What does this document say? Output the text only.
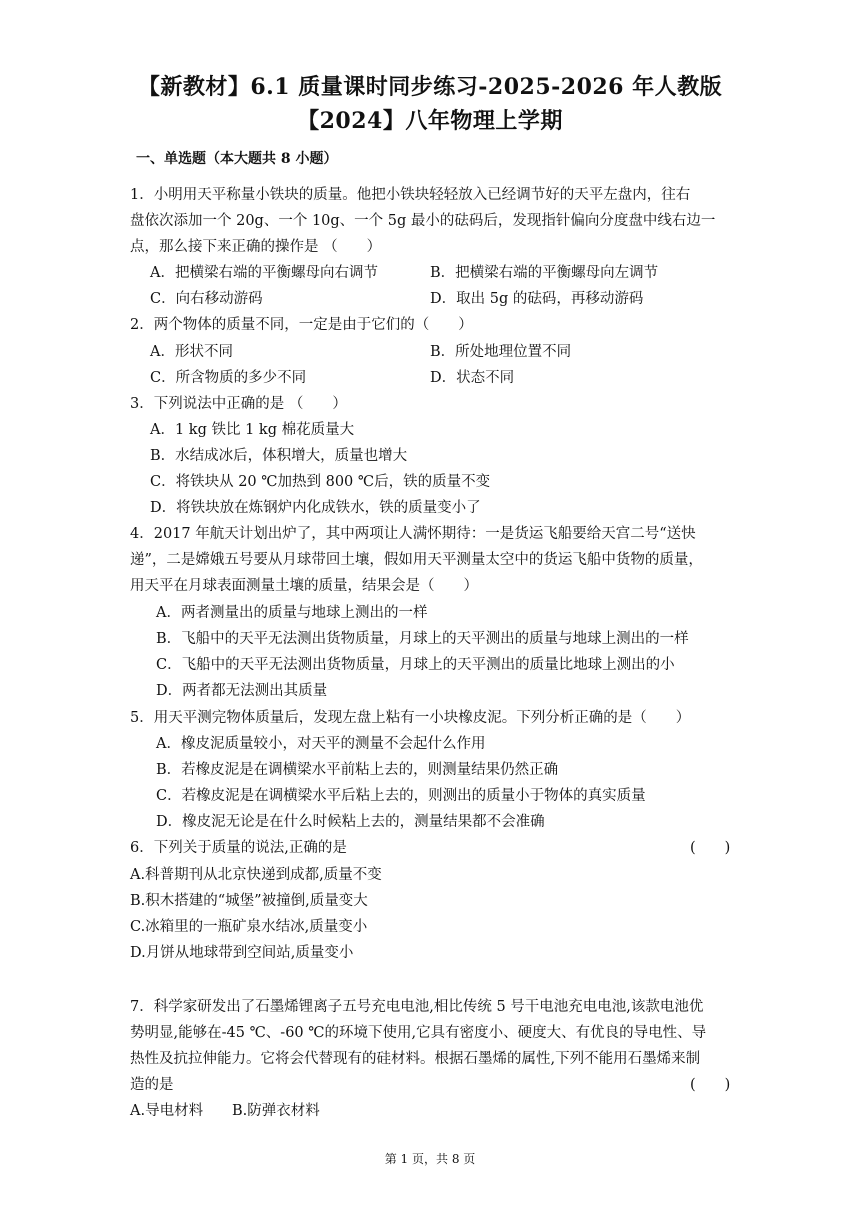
【新教材】6.1 质量课时同步练习-2025-2026 年人教版
【2024】八年物理上学期
一、单选题（本大题共 8 小题）
1．小明用天平称量小铁块的质量。他把小铁块轻轻放入已经调节好的天平左盘内，往右
盘依次添加一个 20g、一个 10g、一个 5g 最小的砝码后，发现指针偏向分度盘中线右边一
点，那么接下来正确的操作是 （　　）
A．把横梁右端的平衡螺母向右调节	B．把横梁右端的平衡螺母向左调节
C．向右移动游码	D．取出 5g 的砝码，再移动游码
2．两个物体的质量不同，一定是由于它们的（　　）
A．形状不同	B．所处地理位置不同
C．所含物质的多少不同	D．状态不同
3．下列说法中正确的是 （　　）
A．1 kg 铁比 1 kg 棉花质量大
B．水结成冰后，体积增大，质量也增大
C．将铁块从 20 ℃加热到 800 ℃后，铁的质量不变
D．将铁块放在炼钢炉内化成铁水，铁的质量变小了
4．2017 年航天计划出炉了，其中两项让人满怀期待：一是货运飞船要给天宫二号“送快
递”，二是嫦娥五号要从月球带回土壤，假如用天平测量太空中的货运飞船中货物的质量，
用天平在月球表面测量土壤的质量，结果会是（　　）
A．两者测量出的质量与地球上测出的一样
B．飞船中的天平无法测出货物质量，月球上的天平测出的质量与地球上测出的一样
C．飞船中的天平无法测出货物质量，月球上的天平测出的质量比地球上测出的小
D．两者都无法测出其质量
5．用天平测完物体质量后，发现左盘上粘有一小块橡皮泥。下列分析正确的是（　　）
A．橡皮泥质量较小，对天平的测量不会起什么作用
B．若橡皮泥是在调横梁水平前粘上去的，则测量结果仍然正确
C．若橡皮泥是在调横梁水平后粘上去的，则测出的质量小于物体的真实质量
D．橡皮泥无论是在什么时候粘上去的，测量结果都不会准确
6．下列关于质量的说法,正确的是	(　　)
A.科普期刊从北京快递到成都,质量不变
B.积木搭建的“城堡”被撞倒,质量变大
C.冰箱里的一瓶矿泉水结冰,质量变小
D.月饼从地球带到空间站,质量变小
7．科学家研发出了石墨烯锂离子五号充电电池,相比传统 5 号干电池充电电池,该款电池优
势明显,能够在-45 ℃、-60 ℃的环境下使用,它具有密度小、硬度大、有优良的导电性、导
热性及抗拉伸能力。它将会代替现有的硅材料。根据石墨烯的属性,下列不能用石墨烯来制
造的是	(　　)
A.导电材料 B.防弹衣材料
第 1 页，共 8 页
